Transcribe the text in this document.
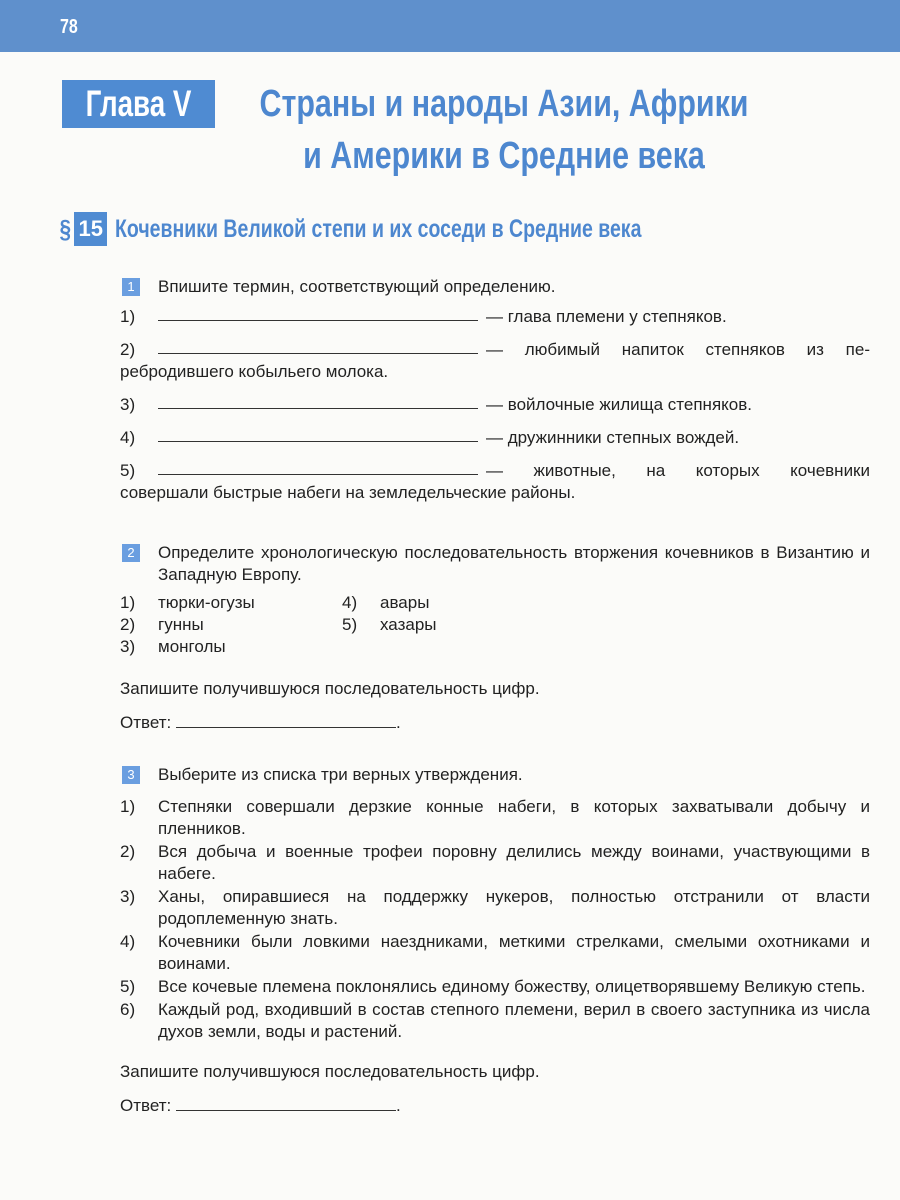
78
Глава V	Страны и народы Азии, Африки
и Америки в Средние века
§ 15 Кочевники Великой степи и их соседи в Средние века
1	Впишите термин, соответствующий определению.
1)	— глава племени у степняков.
2)	— любимый напиток степняков из пе-
ребродившего кобыльего молока.
3)	— войлочные жилища степняков.
4)	— дружинники степных вождей.
5)	— животные, на которых кочевники
совершали быстрые набеги на земледельческие районы.
2	Определите хронологическую последовательность вторжения кочевников в Византию и Западную Европу.
1) тюрки-огузы	4) авары
2) гунны	5) хазары
3) монголы
Запишите получившуюся последовательность цифр.
Ответ:	.
3	Выберите из списка три верных утверждения.
1)	Степняки совершали дерзкие конные набеги, в которых захватывали добычу и пленников.
2)	Вся добыча и военные трофеи поровну делились между воинами, участвующими в набеге.
3)	Ханы, опиравшиеся на поддержку нукеров, полностью отстранили от власти родоплеменную знать.
4)	Кочевники были ловкими наездниками, меткими стрелками, смелыми охотниками и воинами.
5)	Все кочевые племена поклонялись единому божеству, олицетворявшему Великую степь.
6)	Каждый род, входивший в состав степного племени, верил в своего заступника из числа духов земли, воды и растений.
Запишите получившуюся последовательность цифр.
Ответ:	.
